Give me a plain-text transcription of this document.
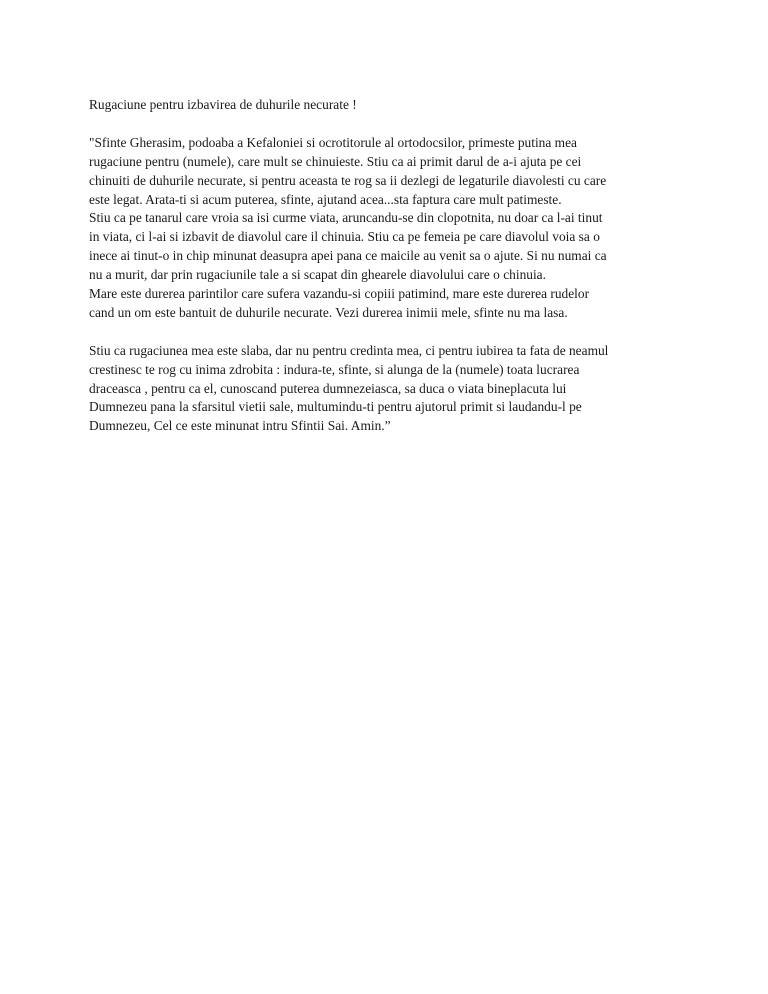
Rugaciune pentru izbavirea de duhurile necurate !

"Sfinte Gherasim, podoaba a Kefaloniei si ocrotitorule al ortodocsilor, primeste putina mea
rugaciune pentru (numele), care mult se chinuieste. Stiu ca ai primit darul de a-i ajuta pe cei
chinuiti de duhurile necurate, si pentru aceasta te rog sa ii dezlegi de legaturile diavolesti cu care
este legat. Arata-ti si acum puterea, sfinte, ajutand acea...sta faptura care mult patimeste.
Stiu ca pe tanarul care vroia sa isi curme viata, aruncandu-se din clopotnita, nu doar ca l-ai tinut
in viata, ci l-ai si izbavit de diavolul care il chinuia. Stiu ca pe femeia pe care diavolul voia sa o
inece ai tinut-o in chip minunat deasupra apei pana ce maicile au venit sa o ajute. Si nu numai ca
nu a murit, dar prin rugaciunile tale a si scapat din ghearele diavolului care o chinuia.
Mare este durerea parintilor care sufera vazandu-si copiii patimind, mare este durerea rudelor
cand un om este bantuit de duhurile necurate. Vezi durerea inimii mele, sfinte nu ma lasa.

Stiu ca rugaciunea mea este slaba, dar nu pentru credinta mea, ci pentru iubirea ta fata de neamul
crestinesc te rog cu inima zdrobita : indura-te, sfinte, si alunga de la (numele) toata lucrarea
draceasca , pentru ca el, cunoscand puterea dumnezeiasca, sa duca o viata bineplacuta lui
Dumnezeu pana la sfarsitul vietii sale, multumindu-ti pentru ajutorul primit si laudandu-l pe
Dumnezeu, Cel ce este minunat intru Sfintii Sai. Amin.”
